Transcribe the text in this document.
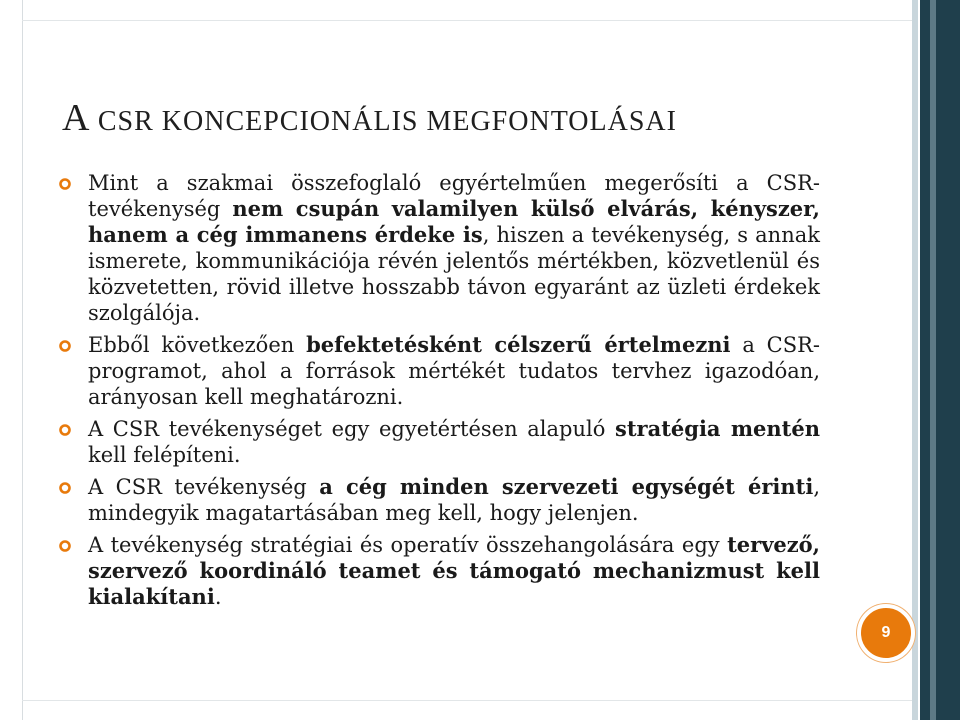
A CSR KONCEPCIONÁLIS MEGFONTOLÁSAI
Mint a szakmai összefoglaló egyértelműen megerősíti a CSR-tevékenység nem csupán valamilyen külső elvárás, kényszer, hanem a cég immanens érdeke is, hiszen a tevékenység, s annak ismerete, kommunikációja révén jelentős mértékben, közvetlenül és közvetetten, rövid illetve hosszabb távon egyaránt az üzleti érdekek szolgálója.
Ebből következően befektetésként célszerű értelmezni a CSR-programot, ahol a források mértékét tudatos tervhez igazodóan, arányosan kell meghatározni.
A CSR tevékenységet egy egyetértésen alapuló stratégia mentén kell felépíteni.
A CSR tevékenység a cég minden szervezeti egységét érinti, mindegyik magatartásában meg kell, hogy jelenjen.
A tevékenység stratégiai és operatív összehangolására egy tervező, szervező koordináló teamet és támogató mechanizmust kell kialakítani.
9
